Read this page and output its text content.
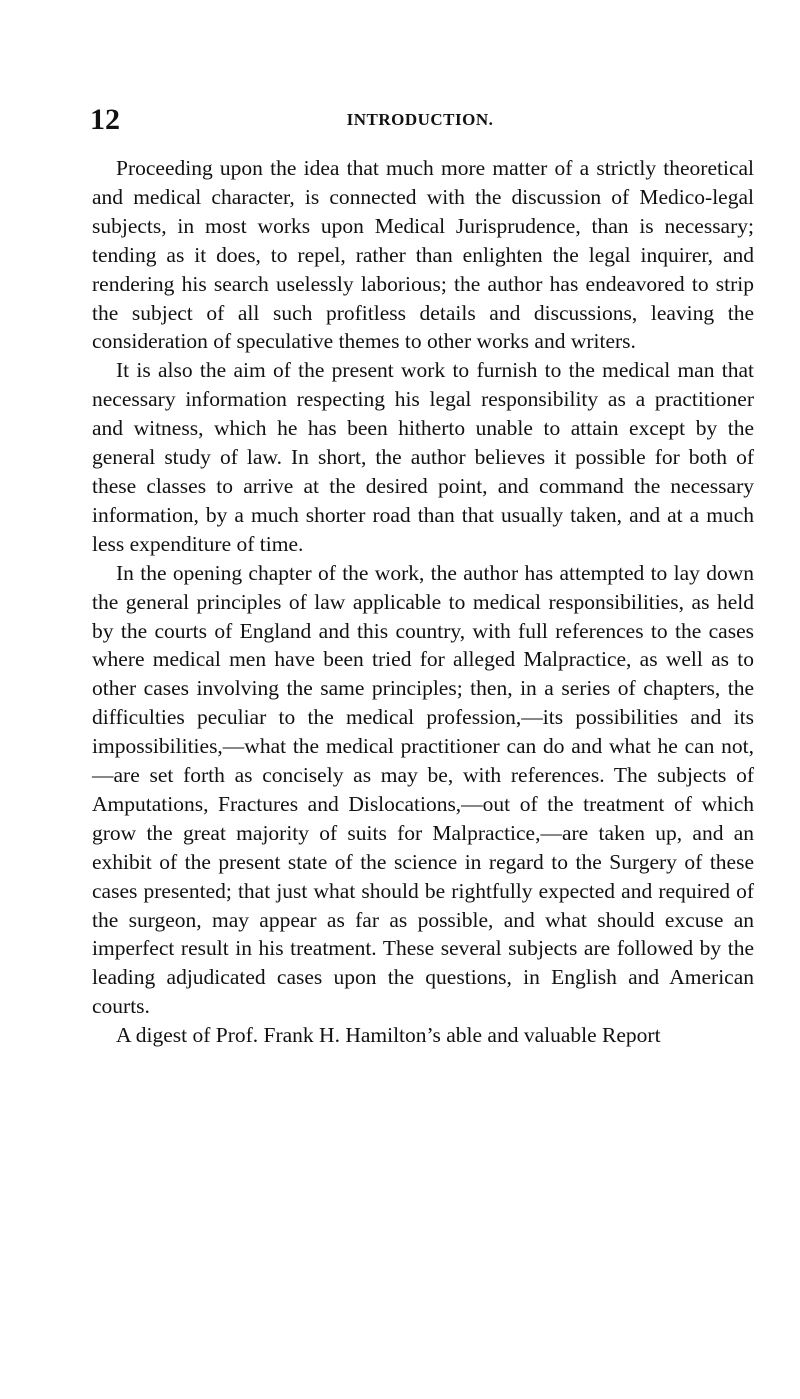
12	INTRODUCTION.

Proceeding upon the idea that much more matter of a strictly theoretical and medical character, is connected with the discussion of Medico-legal subjects, in most works upon Medical Jurisprudence, than is necessary; tending as it does, to repel, rather than enlighten the legal inquirer, and rendering his search uselessly laborious; the author has endeavored to strip the subject of all such profitless details and discussions, leaving the consideration of speculative themes to other works and writers.

It is also the aim of the present work to furnish to the medical man that necessary information respecting his legal responsibility as a practitioner and witness, which he has been hitherto unable to attain except by the general study of law. In short, the author believes it possible for both of these classes to arrive at the desired point, and command the necessary information, by a much shorter road than that usually taken, and at a much less expenditure of time.

In the opening chapter of the work, the author has attempted to lay down the general principles of law applicable to medical responsibilities, as held by the courts of England and this country, with full references to the cases where medical men have been tried for alleged Malpractice, as well as to other cases involving the same principles; then, in a series of chapters, the difficulties peculiar to the medical profession,—its possibilities and its impossibilities,—what the medical practitioner can do and what he can not,—are set forth as concisely as may be, with references. The subjects of Amputations, Fractures and Dislocations,—out of the treatment of which grow the great majority of suits for Malpractice,—are taken up, and an exhibit of the present state of the science in regard to the Surgery of these cases presented; that just what should be rightfully expected and required of the surgeon, may appear as far as possible, and what should excuse an imperfect result in his treatment. These several subjects are followed by the leading adjudicated cases upon the questions, in English and American courts.

A digest of Prof. Frank H. Hamilton’s able and valuable Report
